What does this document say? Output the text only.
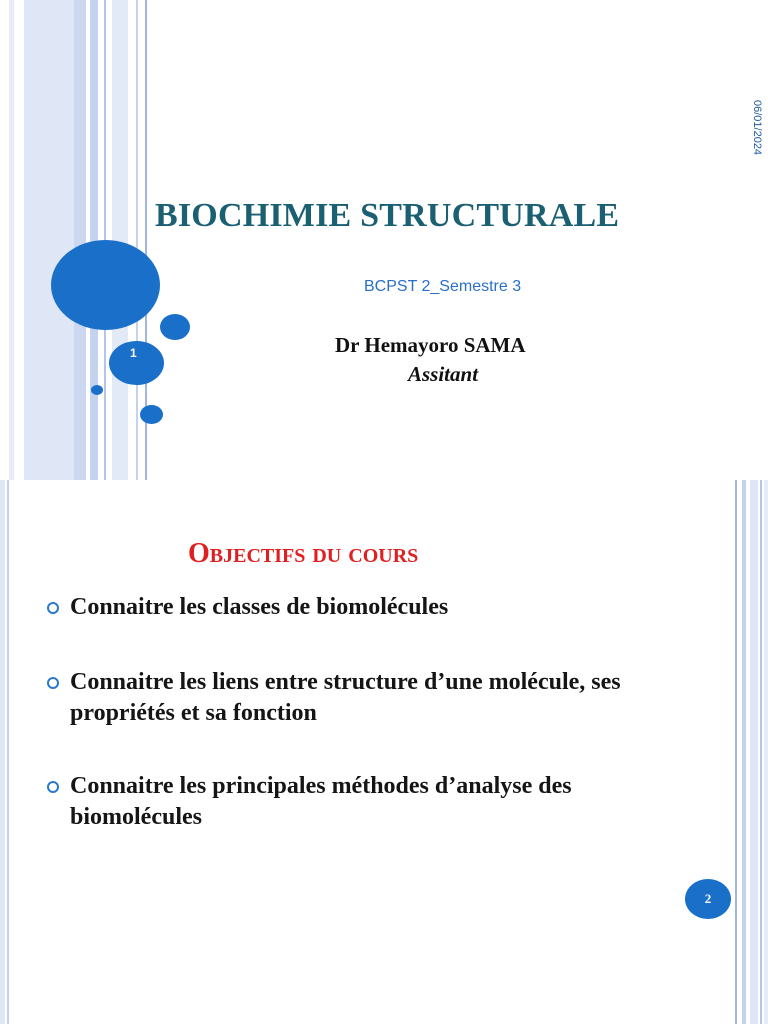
1
06/01/2024
BIOCHIMIE STRUCTURALE
BCPST 2_Semestre 3
Dr Hemayoro SAMA
Assitant
Objectifs du cours
Connaitre les classes de biomolécules
Connaitre les liens entre structure d’une molécule, ses propriétés et sa fonction
Connaitre les principales méthodes d’analyse des biomolécules
2
